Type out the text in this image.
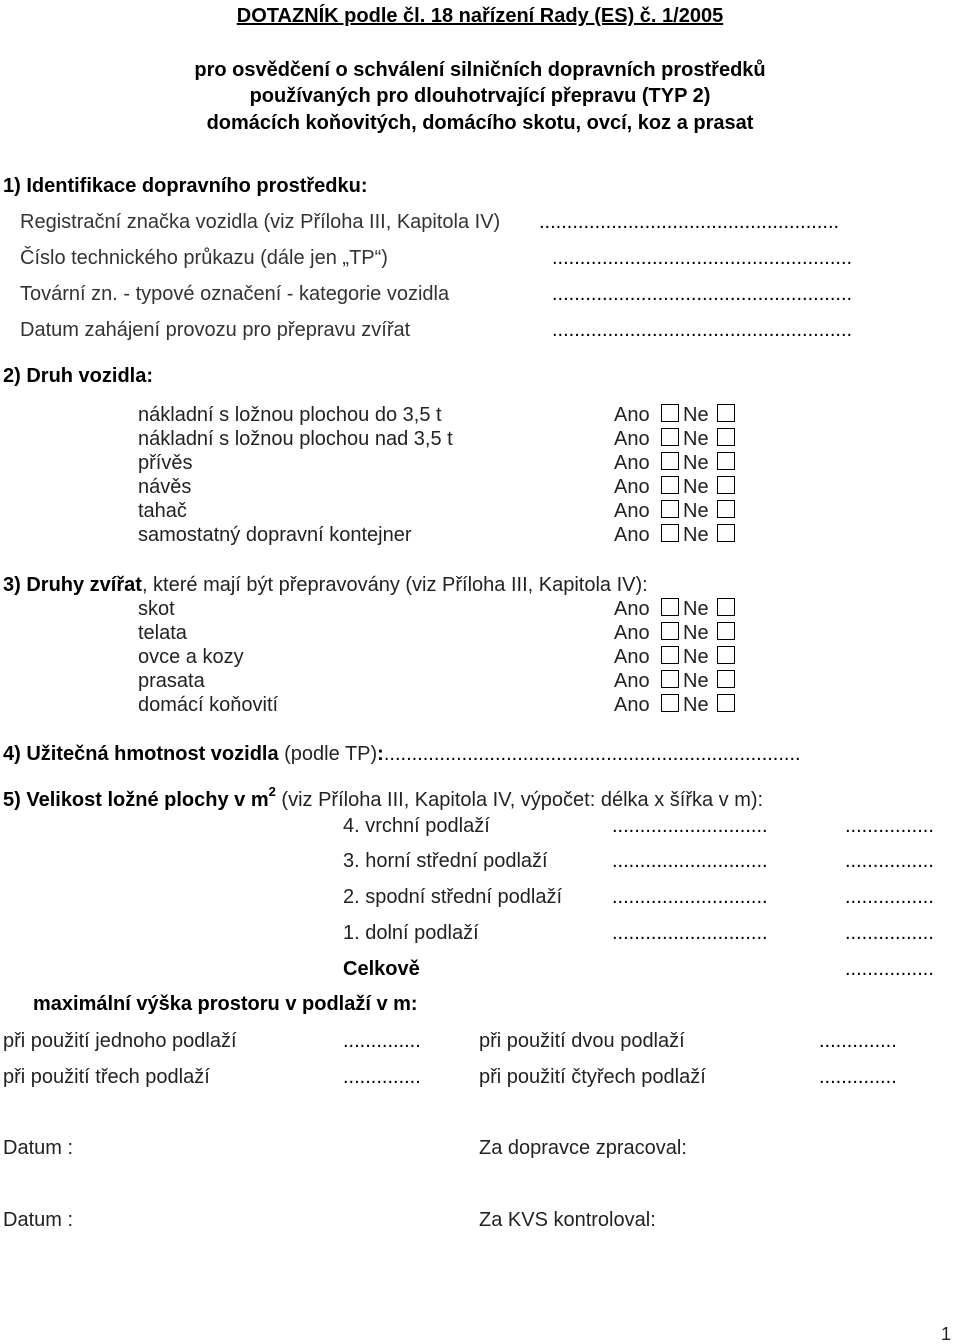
DOTAZNÍK podle čl. 18 nařízení Rady (ES) č. 1/2005
pro osvědčení o schválení silničních dopravních prostředků
používaných pro dlouhotrvající přepravu (TYP 2)
domácích koňovitých, domácího skotu, ovcí, koz a prasat
1) Identifikace dopravního prostředku:
Registrační značka vozidla (viz Příloha III, Kapitola IV) ......................................................
Číslo technického průkazu (dále jen „TP“)	......................................................
Tovární zn. - typové označení - kategorie vozidla	......................................................
Datum zahájení provozu pro přepravu zvířat	......................................................
2) Druh vozidla:
nákladní s ložnou plochou do 3,5 t	Ano Ne
nákladní s ložnou plochou nad 3,5 t	Ano Ne
přívěs	Ano Ne
návěs	Ano Ne
tahač	Ano Ne
samostatný dopravní kontejner	Ano Ne
3) Druhy zvířat, které mají být přepravovány (viz Příloha III, Kapitola IV):
skot	Ano Ne
telata	Ano Ne
ovce a kozy	Ano Ne
prasata	Ano Ne
domácí koňovití	Ano Ne
4) Užitečná hmotnost vozidla (podle TP):...........................................................................
5) Velikost ložné plochy v $m^2$ (viz Příloha III, Kapitola IV, výpočet: délka x šířka v m):
4. vrchní podlaží	............................	................
3. horní střední podlaží	............................	................
2. spodní střední podlaží ............................	................
1. dolní podlaží	............................	................
Celkově	................
maximální výška prostoru v podlaží v m:
při použití jednoho podlaží	..............	při použití dvou podlaží	..............
při použití třech podlaží	..............	při použití čtyřech podlaží	..............
Datum :	Za dopravce zpracoval:
Datum :	Za KVS kontroloval:
1
